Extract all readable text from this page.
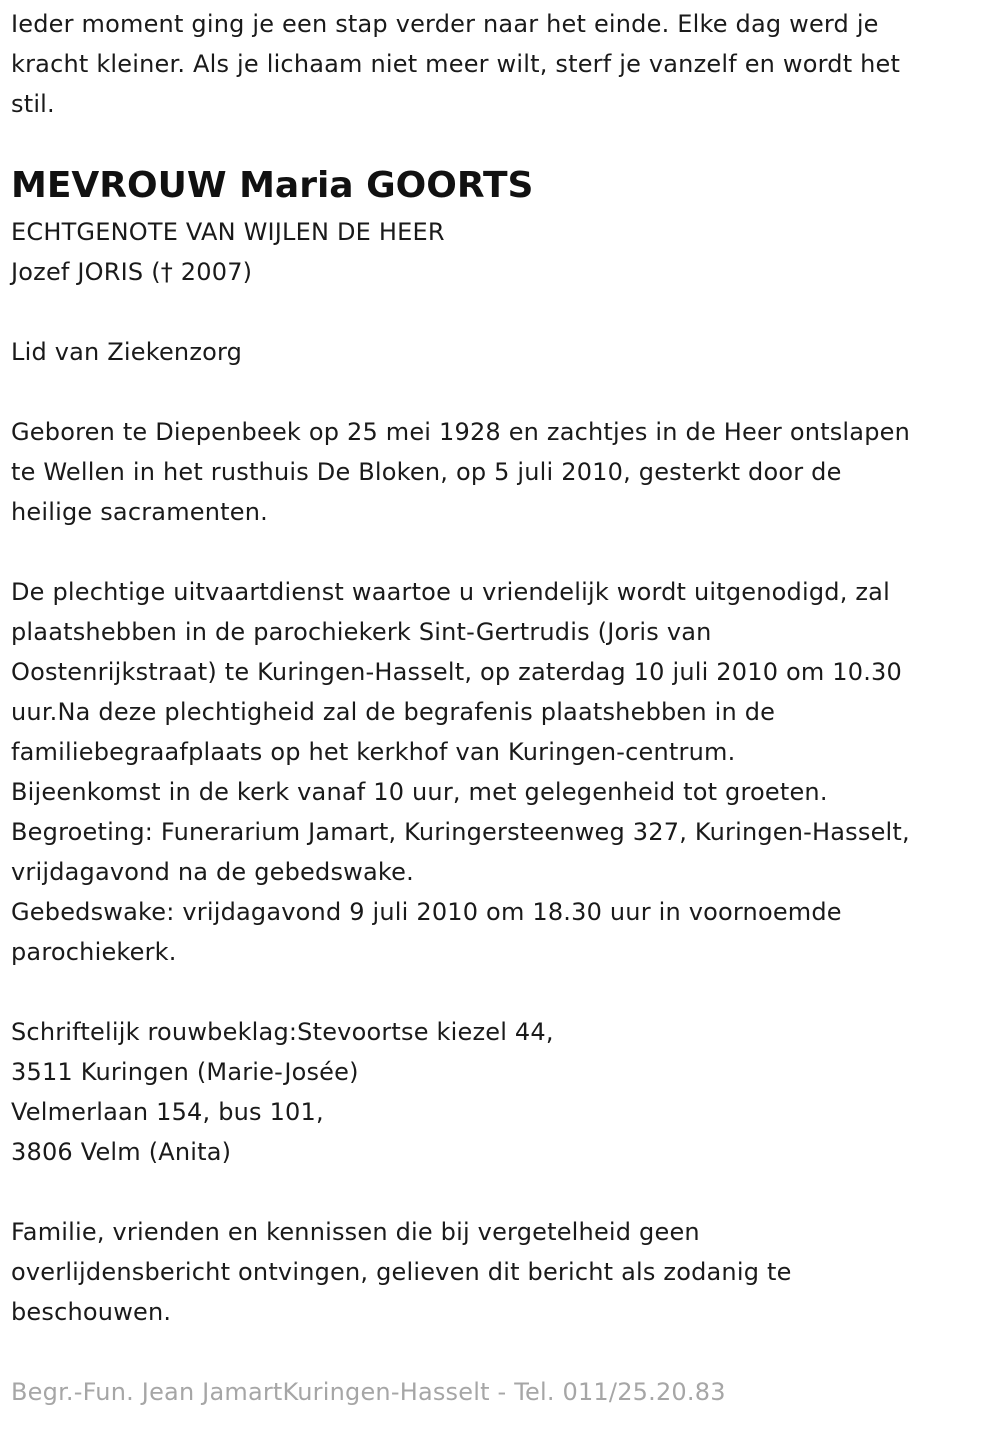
Ieder moment ging je een stap verder naar het einde. Elke dag werd je
kracht kleiner. Als je lichaam niet meer wilt, sterf je vanzelf en wordt het
stil.
MEVROUW Maria GOORTS
ECHTGENOTE VAN WIJLEN DE HEER
Jozef JORIS († 2007)
Lid van Ziekenzorg
Geboren te Diepenbeek op 25 mei 1928 en zachtjes in de Heer ontslapen
te Wellen in het rusthuis De Bloken, op 5 juli 2010, gesterkt door de
heilige sacramenten.
De plechtige uitvaartdienst waartoe u vriendelijk wordt uitgenodigd, zal
plaatshebben in de parochiekerk Sint-Gertrudis (Joris van
Oostenrijkstraat) te Kuringen-Hasselt, op zaterdag 10 juli 2010 om 10.30
uur.Na deze plechtigheid zal de begrafenis plaatshebben in de
familiebegraafplaats op het kerkhof van Kuringen-centrum.
Bijeenkomst in de kerk vanaf 10 uur, met gelegenheid tot groeten.
Begroeting: Funerarium Jamart, Kuringersteenweg 327, Kuringen-Hasselt,
vrijdagavond na de gebedswake.
Gebedswake: vrijdagavond 9 juli 2010 om 18.30 uur in voornoemde
parochiekerk.
Schriftelijk rouwbeklag:Stevoortse kiezel 44,
3511 Kuringen (Marie-Josée)
Velmerlaan 154, bus 101,
3806 Velm (Anita)
Familie, vrienden en kennissen die bij vergetelheid geen
overlijdensbericht ontvingen, gelieven dit bericht als zodanig te
beschouwen.
Begr.-Fun. Jean JamartKuringen-Hasselt - Tel. 011/25.20.83
